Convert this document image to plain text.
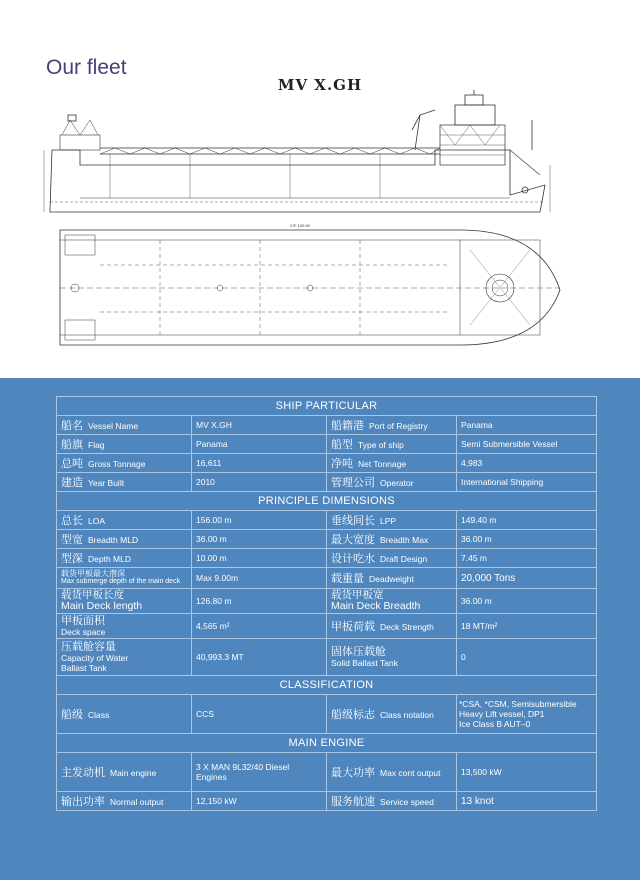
Our fleet
MV X.GH
C/F 100.00
SHIP PARTICULAR			
船名 Vessel Name	MV X.GH	船籍港 Port of Registry	Panama
船旗 Flag	Panama	船型 Type of ship	Semi Submersible Vessel
总吨 Gross Tonnage	16,611	净吨 Net Tonnage	4,983
建造 Year Built	2010	管理公司 Operator	International Shipping
PRINCIPLE DIMENSIONS			
总长 LOA	156.00 m	垂线间长 LPP	149.40 m
型宽 Breadth MLD	36.00 m	最大宽度 Breadth Max	36.00 m
型深 Depth MLD	10.00 m	设计吃水 Draft Design	7.45 m

载货甲板最大潜深
Max submerge depth of the main deck	Max 9.00m	载重量 Deadweight	20,000 Tons

载货甲板长度
Main Deck length	126.80 m	载货甲板宽
Main Deck Breadth	36.00 m

甲板面积
Deck space	4,565 m²	甲板荷载 Deck Strength	18 MT/m²

压载舱容量
Capacity of Water
Ballast Tank	40,993.3 MT	固体压载舱
Solid Ballast Tank	0
CLASSIFICATION			
船级 Class	CCS	船级标志 Class notation	*CSA, *CSM, Semisubmersible
Heavy Lift vessel, DP1
Ice Class B AUT–0

MAIN ENGINE			
主发动机 Main engine	3 X MAN 9L32/40 Diesel
Engines	最大功率 Max cont output	13,500 kW
输出功率 Normal output	12,150 kW	服务航速 Service speed	13 knot
